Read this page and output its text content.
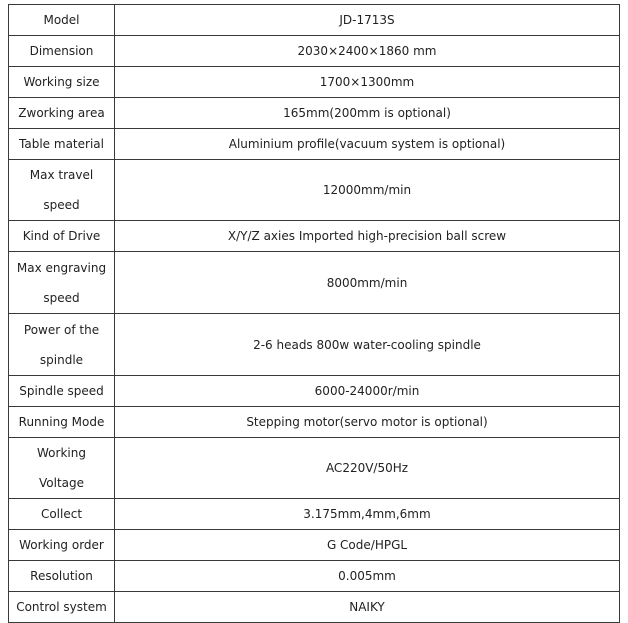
Model	JD-1713S
Dimension	2030×2400×1860 mm
Working size	1700×1300mm
Zworking area	165mm(200mm is optional)
Table material	Aluminium profile(vacuum system is optional)
Max travel speed	12000mm/min
Kind of Drive	X/Y/Z axies Imported high-precision ball screw
Max engraving speed	8000mm/min
Power of the spindle	2-6 heads 800w water-cooling spindle
Spindle speed	6000-24000r/min
Running Mode	Stepping motor(servo motor is optional)
Working Voltage	AC220V/50Hz
Collect	3.175mm,4mm,6mm
Working order	G Code/HPGL
Resolution	0.005mm
Control system	NAIKY
